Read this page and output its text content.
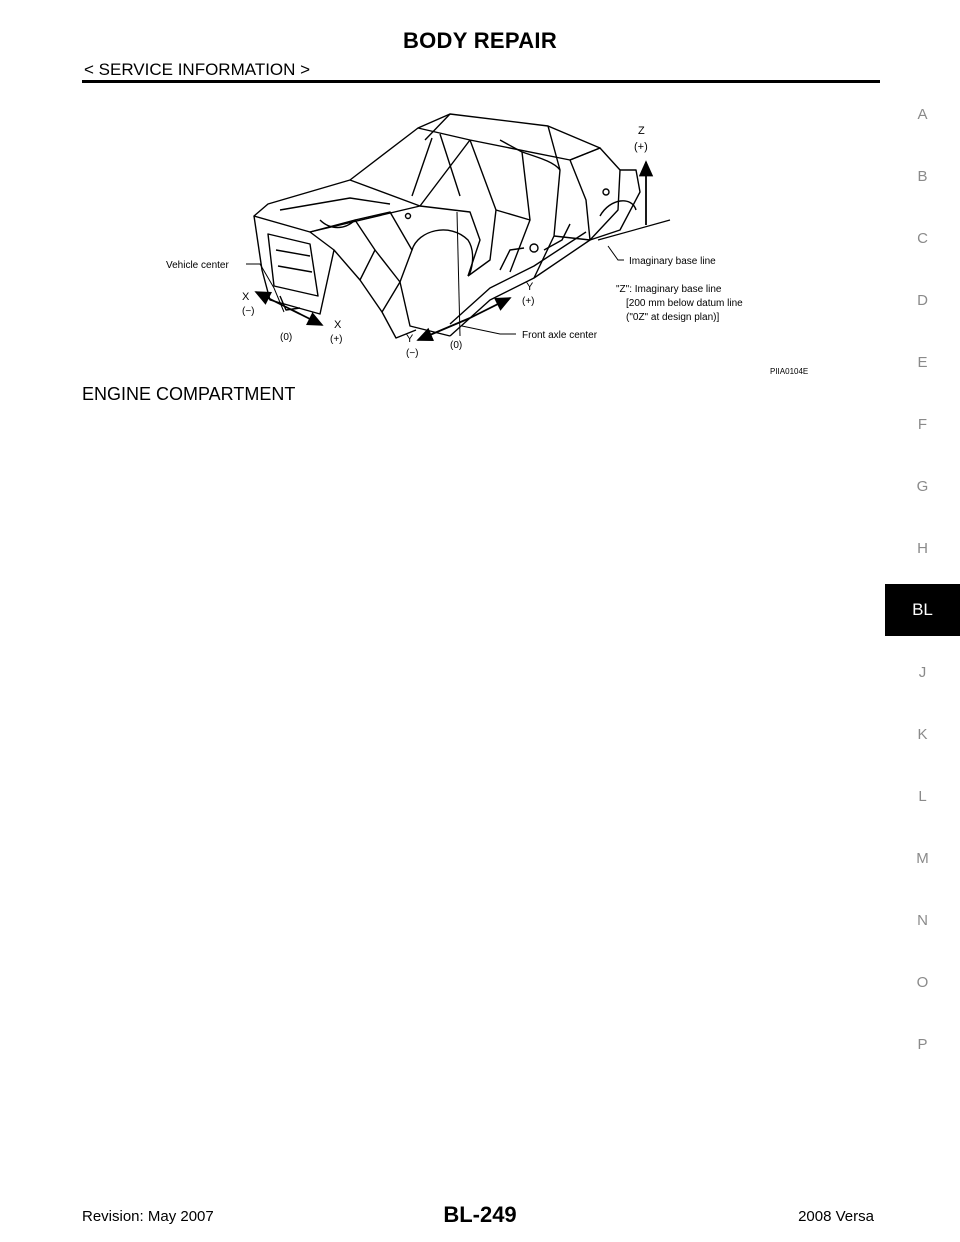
BODY REPAIR
< SERVICE INFORMATION >
A
B
C
D
E
F
G
H
BL
J
K
L
M
N
O
P
Z
(+)
Imaginary base line
Vehicle center
X
(−)
(0)
X
(+)
Y
(+)
Y
(−)
(0)
Front axle center
"Z": Imaginary base line
[200 mm below datum line
("0Z" at design plan)]
PIIA0104E
ENGINE COMPARTMENT
Revision: May 2007	BL-249	2008 Versa
